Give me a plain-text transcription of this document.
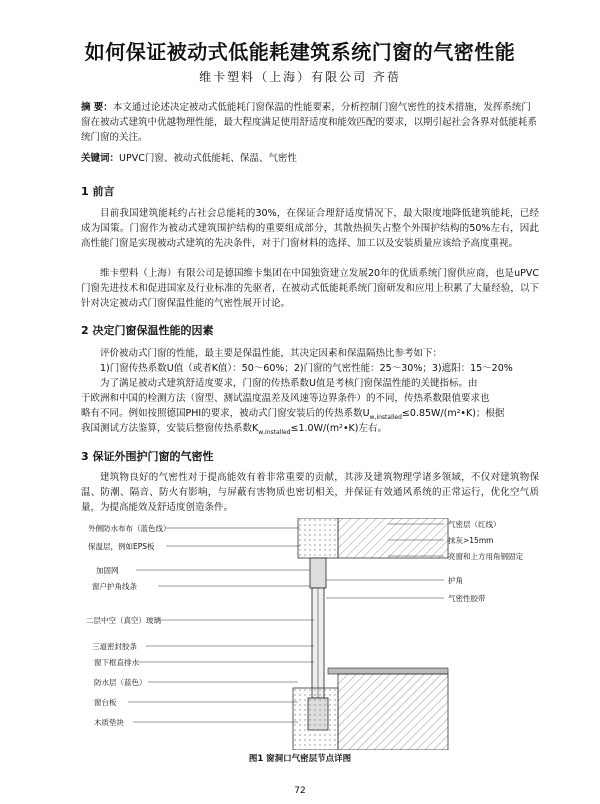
如何保证被动式低能耗建筑系统门窗的气密性能
维卡塑料（上海）有限公司 齐蓓
摘 要：本文通过论述决定被动式低能耗门窗保温的性能要素，分析控制门窗气密性的技术措施，发挥系统门窗在被动式建筑中优越物理性能，最大程度满足使用舒适度和能效匹配的要求，以期引起社会各界对低能耗系统门窗的关注。
关键词：UPVC门窗、被动式低能耗、保温、气密性
1 前言
目前我国建筑能耗约占社会总能耗的30%，在保证合理舒适度情况下，最大限度地降低建筑能耗，已经成为国策。门窗作为被动式建筑围护结构的重要组成部分，其散热损失占整个外围护结构的50%左右，因此高性能门窗是实现被动式建筑的先决条件，对于门窗材料的选择、加工以及安装质量应该给予高度重视。
维卡塑料（上海）有限公司是德国维卡集团在中国独资建立发展20年的优质系统门窗供应商，也是uPVC门窗先进技术和促进国家及行业标准的先驱者，在被动式低能耗系统门窗研发和应用上积累了大量经验，以下针对决定被动式门窗保温性能的气密性展开讨论。
2 决定门窗保温性能的因素
评价被动式门窗的性能，最主要是保温性能，其决定因素和保温隔热比参考如下：
1)门窗传热系数U值（或者K值）：50～60%；2)门窗的气密性能：25～30%；3)遮阳：15～20%
为了满足被动式建筑舒适度要求，门窗的传热系数U值是考核门窗保温性能的关键指标。由
于欧洲和中国的检测方法（窗型、测试温度温差及风速等边界条件）的不同，传热系数限值要求也
略有不同。例如按照德国PHI的要求，被动式门窗安装后的传热系数$U_{w,installed}\le 0.85W/(m^2•K)$；根据
我国测试方法鉴算，安装后整窗传热系数$K_{w,installed}\le 1.0W/(m^2•K)$左右。
3 保证外围护门窗的气密性
建筑物良好的气密性对于提高能效有着非常重要的贡献，其涉及建筑物理学诸多领域，不仅对建筑物保温、防潮、隔音、防火有影响，与屏蔽有害物质也密切相关，并保证有效通风系统的正常运行，优化空气质量，为提高能效及舒适度创造条件。
外侧防水布布（蓝色线）
保温层，例如EPS板
加固网
窗户护角线条
二层中空（真空）玻璃
三道密封胶条
窗下框直排水
防水层（蓝色）
窗台板
木质垫块
气密层（红线）
抹灰>15mm
亮窗和上方用角钢固定
护角
气密性胶带
图1 窗洞口气密层节点详图
72
